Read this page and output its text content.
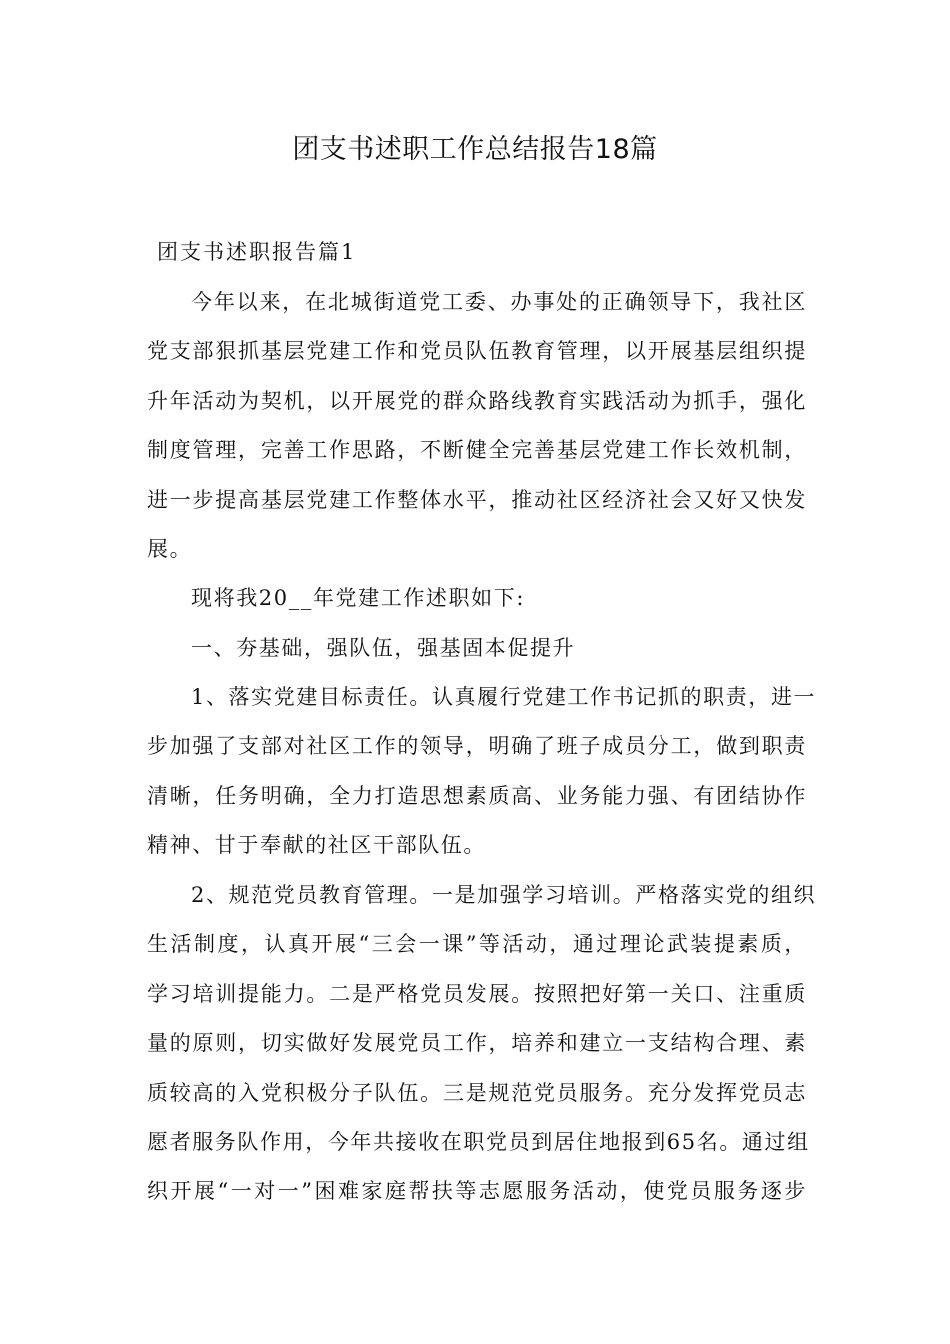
团支书述职工作总结报告18篇
团支书述职报告篇1
今年以来，在北城街道党工委、办事处的正确领导下，我社区
党支部狠抓基层党建工作和党员队伍教育管理，以开展基层组织提
升年活动为契机，以开展党的群众路线教育实践活动为抓手，强化
制度管理，完善工作思路，不断健全完善基层党建工作长效机制，
进一步提高基层党建工作整体水平，推动社区经济社会又好又快发
展。
现将我20__年党建工作述职如下:
一、夯基础，强队伍，强基固本促提升
1、落实党建目标责任。认真履行党建工作书记抓的职责，进一
步加强了支部对社区工作的领导，明确了班子成员分工，做到职责
清晰，任务明确，全力打造思想素质高、业务能力强、有团结协作
精神、甘于奉献的社区干部队伍。
2、规范党员教育管理。一是加强学习培训。严格落实党的组织
生活制度，认真开展“三会一课”等活动，通过理论武装提素质，
学习培训提能力。二是严格党员发展。按照把好第一关口、注重质
量的原则，切实做好发展党员工作，培养和建立一支结构合理、素
质较高的入党积极分子队伍。三是规范党员服务。充分发挥党员志
愿者服务队作用，今年共接收在职党员到居住地报到65名。通过组
织开展“一对一”困难家庭帮扶等志愿服务活动，使党员服务逐步
